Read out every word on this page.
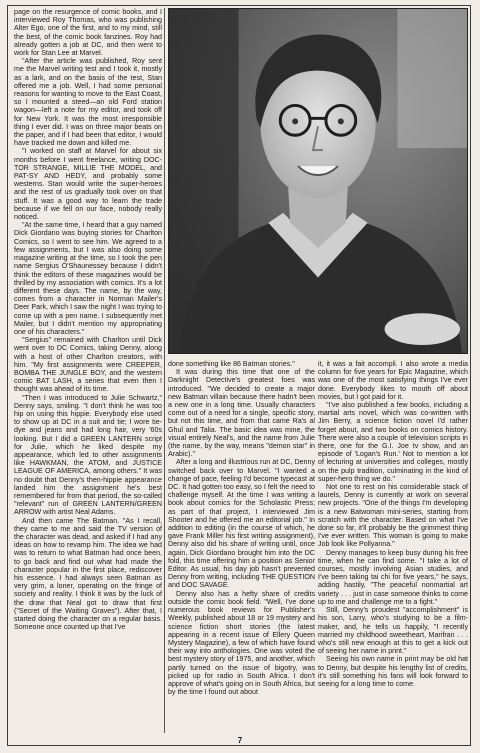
page on the resurgence of comic books, and I interviewed Roy Thomas, who was publishing Alter Ego, one of the first, and to my mind, still the best, of the comic book fanzines. Roy had already gotten a job at DC, and then went to work for Stan Lee at Marvel.

"After the article was published, Roy sent me the Marvel writing test and I took it, mostly as a lark, and on the basis of the test, Stan offered me a job. Well, I had some personal reasons for wanting to move to the East Coast, so I mounted a steed—an old Ford station wagon—left a note for my editor, and took off for New York. It was the most irresponsible thing I ever did. I was on three major beats on the paper, and if I had been that editor, I would have tracked me down and killed me.

"I worked on staff at Marvel for about six months before I went freelance, writing DOC-TOR STRANGE, MILLIE THE MODEL, and PAT-SY AND HEDY, and probably some westerns. Stan would write the super-heroes and the rest of us gradually took over on that stuff. It was a good way to learn the trade because if we fell on our face, nobody really noticed.

"At the same time, I heard that a guy named Dick Giordano was buying stories for Charlton Comics, so I went to see him. We agreed to a few assignments, but I was also doing some magazine writing at the time, so I took the pen name Sergius O'Shaunessey because I didn't think the editors of these magazines would be thrilled by my association with comics. It's a lot different these days. The name, by the way, comes from a character in Norman Mailer's Deer Park, which I saw the night I was trying to come up with a pen name. I subsequently met Mailer, but I didn't mention my appropriating one of his characters."

"Sergius" remained with Charlton until Dick went over to DC Comics, taking Denny, along with a host of other Charlton creators, with him. "My first assignments were CREEPER, BOMBA THE JUNGLE BOY, and the western comic BAT LASH, a series that even then I thought was ahead of its time.

"Then I was introduced to Julie Schwartz," Denny says, smiling. "I don't think he was too hip on using this hippie. Everybody else used to show up at DC in a suit and tie; I wore tie-dye and jeans and had long hair, very '60s looking. But I did a GREEN LANTERN script for Julie, which he liked despite my appearance, which led to other assignments like HAWKMAN, the ATOM, and JUSTICE LEAGUE OF AMERICA, among others." It was no doubt that Denny's then-hippie appearance landed him the assignment he's best remembered for from that period, the so-called "relevant" run of GREEN LANTERN/GREEN ARROW with artist Neal Adams.

And then came The Batman. "As I recall, they came to me and said the TV version of the character was dead, and asked if I had any ideas on how to revamp him. The idea we had was to return to what Batman had once been, to go back and find out what had made the character popular in the first place, rediscover his essence. I had always seen Batman as very grim, a loner, operating on the fringe of society and reality. I think it was by the luck of the draw that Neal got to draw that first ("Secret of the Waiting Graves"). After that, I started doing the character on a regular basis. Someone once counted up that I've

done something like 86 Batman stories."

It was during this time that one of the Darknight Detective's greatest foes was introduced. "We decided to create a major new Batman villain because there hadn't been a new one in a long time. Usually characters come out of a need for a single, specific story, but not this time, and from that came Ra's al Ghul and Talia. The basic idea was mine, the visual entirely Neal's, and the name from Julie (the name, by the way, means "demon star" in Arabic)."

After a long and illustrious run at DC, Denny switched back over to Marvel. "I wanted a change of pace, feeling I'd become typecast at DC. It had gotten too easy, so I felt the need to challenge myself. At the time I was writing a book about comics for the Scholastic Press; as part of that project, I interviewed Jim Shooter and he offered me an editorial job." In addition to editing (in the course of which, he gave Frank Miller his first writing assignment), Denny also did his share of writing until, once again, Dick Giordano brought him into the DC fold, this time offering him a position as Senior Editor. As usual, his day job hasn't prevented Denny from writing, including THE QUESTION and DOC SAVAGE.

Denny also has a hefty share of credits outside the comic book field. "Well, I've done numerous book reviews for Publisher's Weekly, published about 18 or 19 mystery and science fiction short stories (the latest appearing in a recent issue of Ellery Queen Mystery Magazine), a few of which have found their way into anthologies. One was voted the best mystery story of 1975, and another, which partly turned on the issue of bigotry, was picked up for radio in South Africa. I don't approve of what's going on in South Africa, but by the time I found out about

it, it was a fait accompli. I also wrote a media column for five years for Epic Magazine, which was one of the most satisfying things I've ever done. Everybody likes to mouth off about movies, but I got paid for it.

"I've also published a few books, including a martial arts novel, which was co-written with Jim Berry, a science fiction novel I'd rather forget about, and two books on comics history. There were also a couple of television scripts in there, one for the G.I. Joe tv show, and an episode of 'Logan's Run.' Not to mention a lot of lecturing at universities and colleges, mostly on the pulp tradition, culminating in the kind of super-hero thing we do."

Not one to rest on his considerable stack of laurels, Denny is currently at work on several new projects. "One of the things I'm developing is a new Batwoman mini-series, starting from scratch with the character. Based on what I've done so far, it'll probably be the grimmest thing I've ever written. This woman is going to make Job look like Pollyanna."

Denny manages to keep busy during his free time, when he can find some. "I take a lot of courses, mostly involving Asian studies, and I've been taking tai chi for five years," he says, adding hastily, "The peaceful nonmartial art variety . . . just in case someone thinks to come up to me and challenge me to a fight."

Still, Denny's proudest "accomplishment" is his son, Larry, who's studying to be a film-maker, and, he tells us happily, "I recently married my childhood sweetheart, Marifran . . . who's still new enough at this to get a kick out of seeing her name in print."

Seeing his own name in print may be old hat to Denny, but despite his lengthy list of credits, it's still something his fans will look forward to seeing for a long time to come.

7
